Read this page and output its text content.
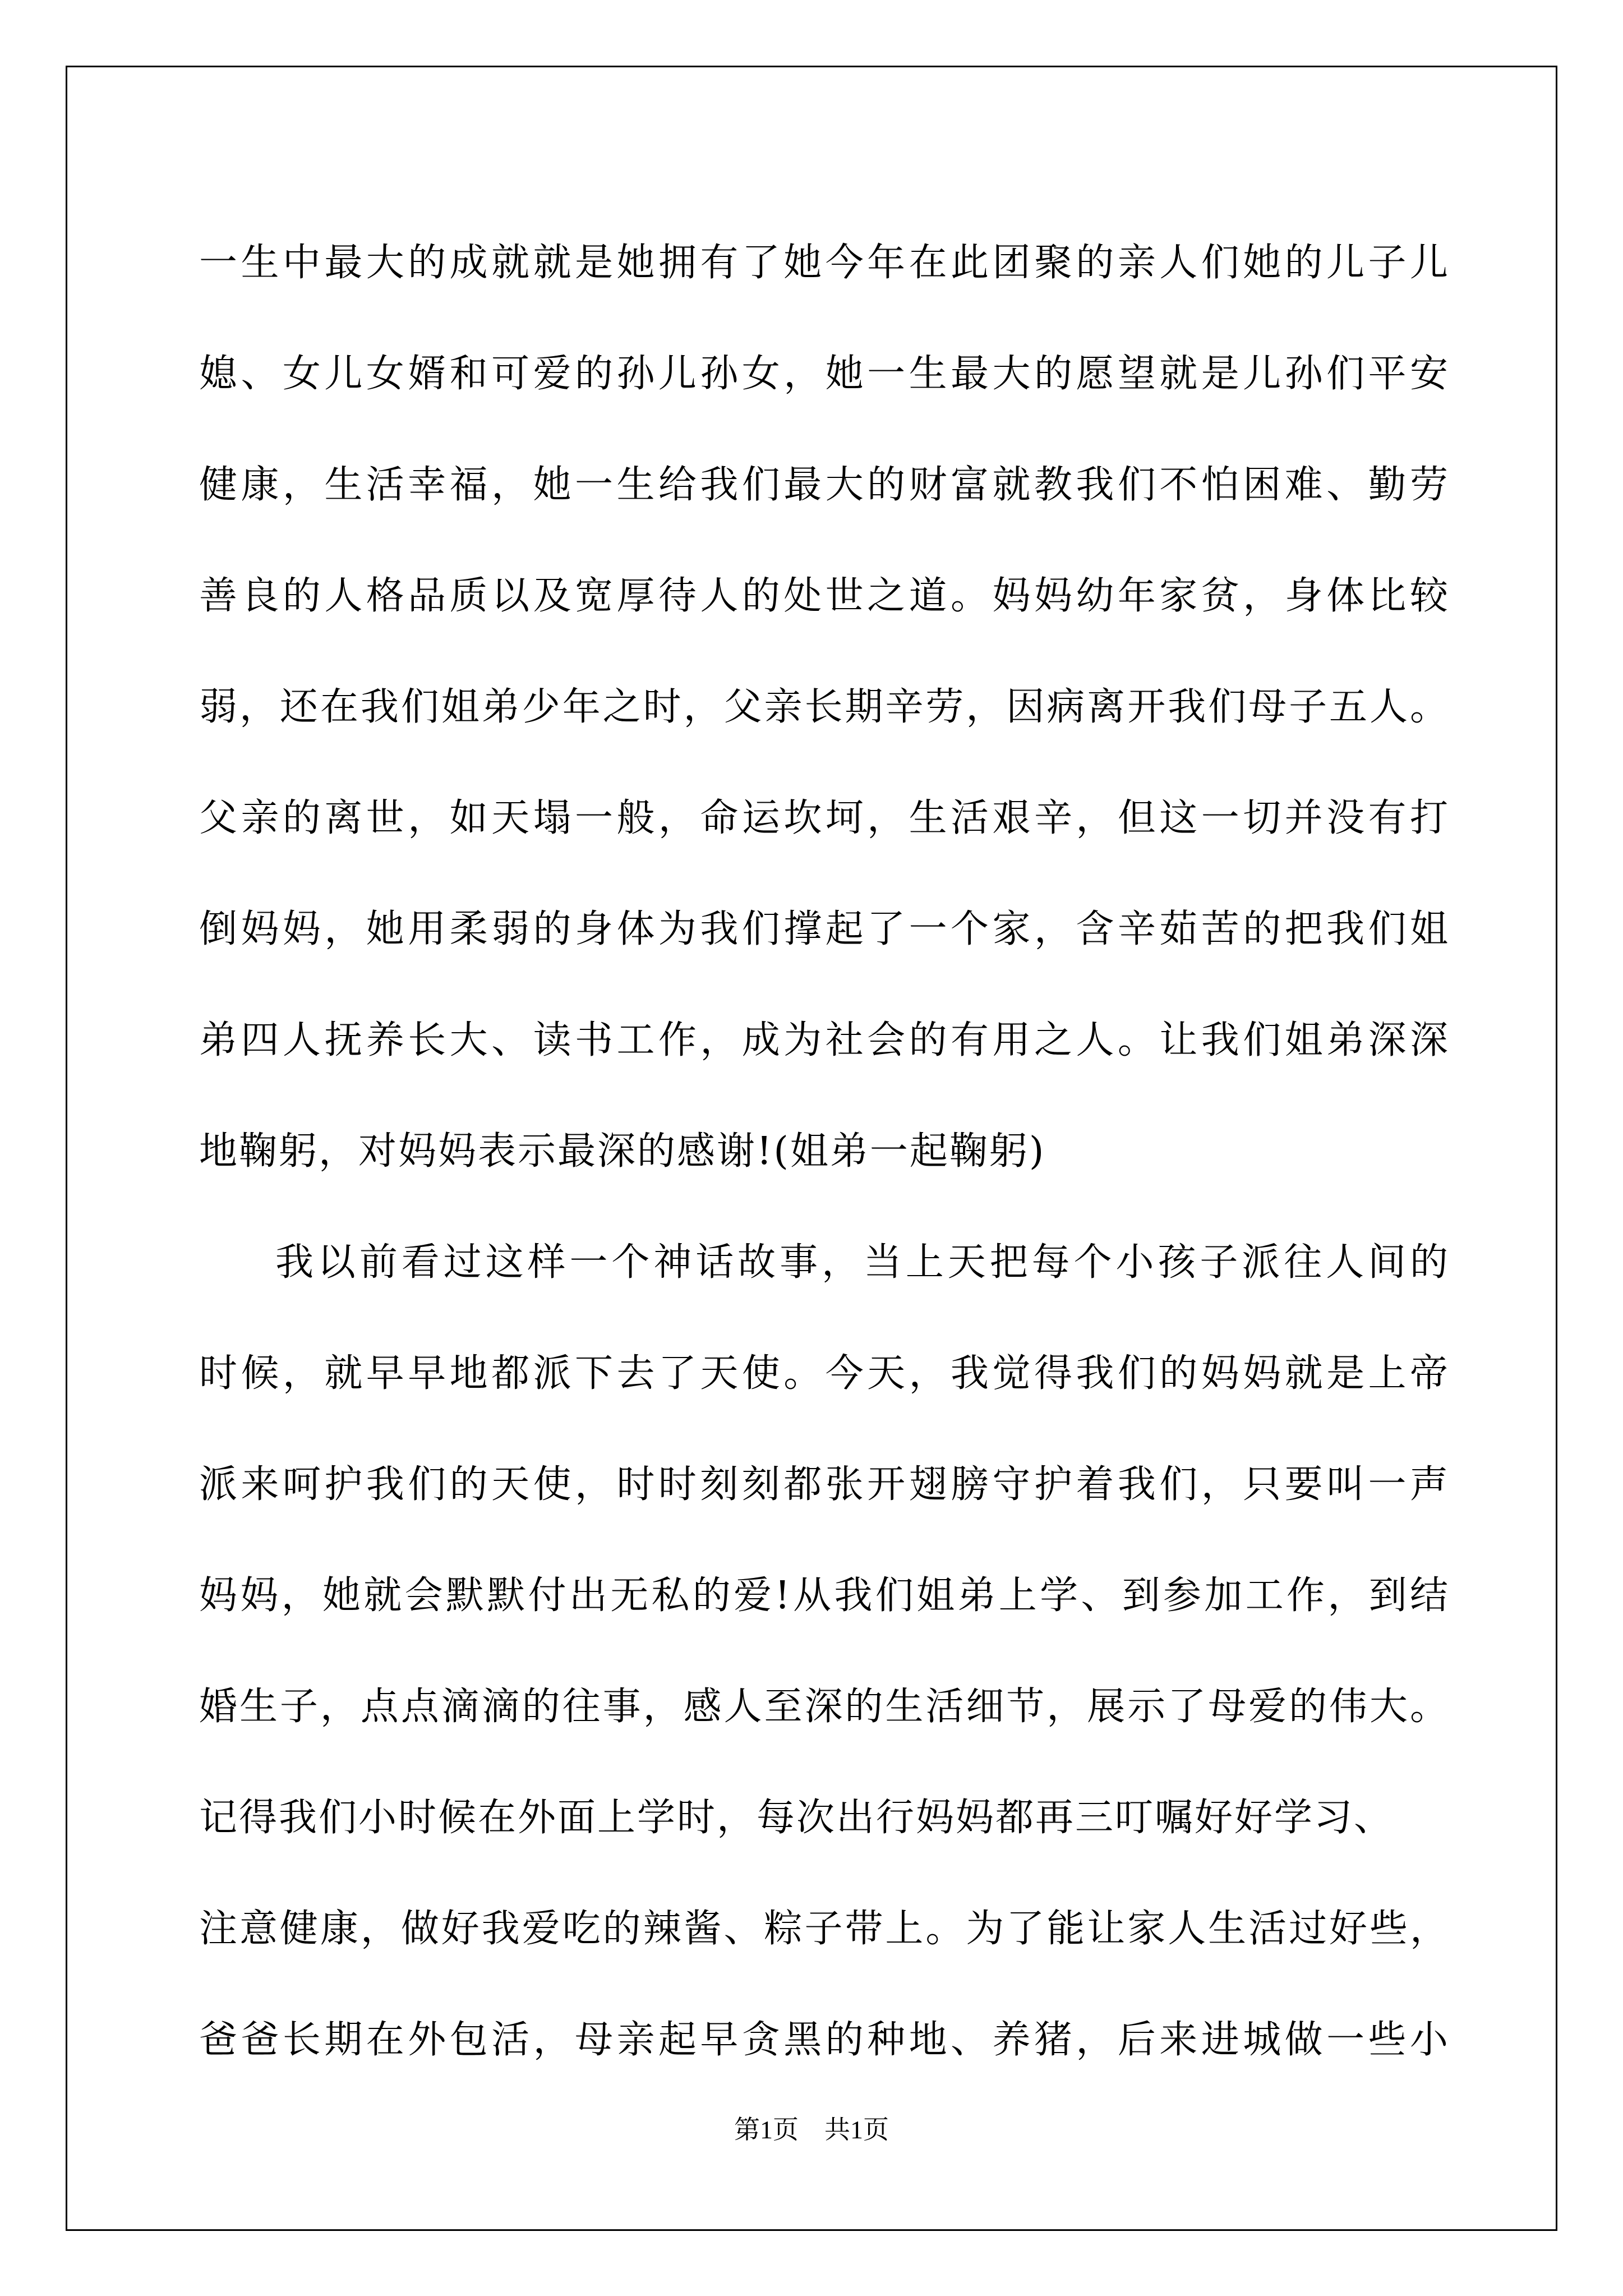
一生中最大的成就就是她拥有了她今年在此团聚的亲人们她的儿子儿
媳、女儿女婿和可爱的孙儿孙女，她一生最大的愿望就是儿孙们平安
健康，生活幸福，她一生给我们最大的财富就教我们不怕困难、勤劳
善良的人格品质以及宽厚待人的处世之道。妈妈幼年家贫，身体比较
弱，还在我们姐弟少年之时，父亲长期辛劳，因病离开我们母子五人。
父亲的离世，如天塌一般，命运坎坷，生活艰辛，但这一切并没有打
倒妈妈，她用柔弱的身体为我们撑起了一个家，含辛茹苦的把我们姐
弟四人抚养长大、读书工作，成为社会的有用之人。让我们姐弟深深
地鞠躬，对妈妈表示最深的感谢!(姐弟一起鞠躬)
我以前看过这样一个神话故事，当上天把每个小孩子派往人间的
时候，就早早地都派下去了天使。今天，我觉得我们的妈妈就是上帝
派来呵护我们的天使，时时刻刻都张开翅膀守护着我们，只要叫一声
妈妈，她就会默默付出无私的爱!从我们姐弟上学、到参加工作，到结
婚生子，点点滴滴的往事，感人至深的生活细节，展示了母爱的伟大。
记得我们小时候在外面上学时，每次出行妈妈都再三叮嘱好好学习、
注意健康，做好我爱吃的辣酱、粽子带上。为了能让家人生活过好些，
爸爸长期在外包活，母亲起早贪黑的种地、养猪，后来进城做一些小
第1页 共1页
